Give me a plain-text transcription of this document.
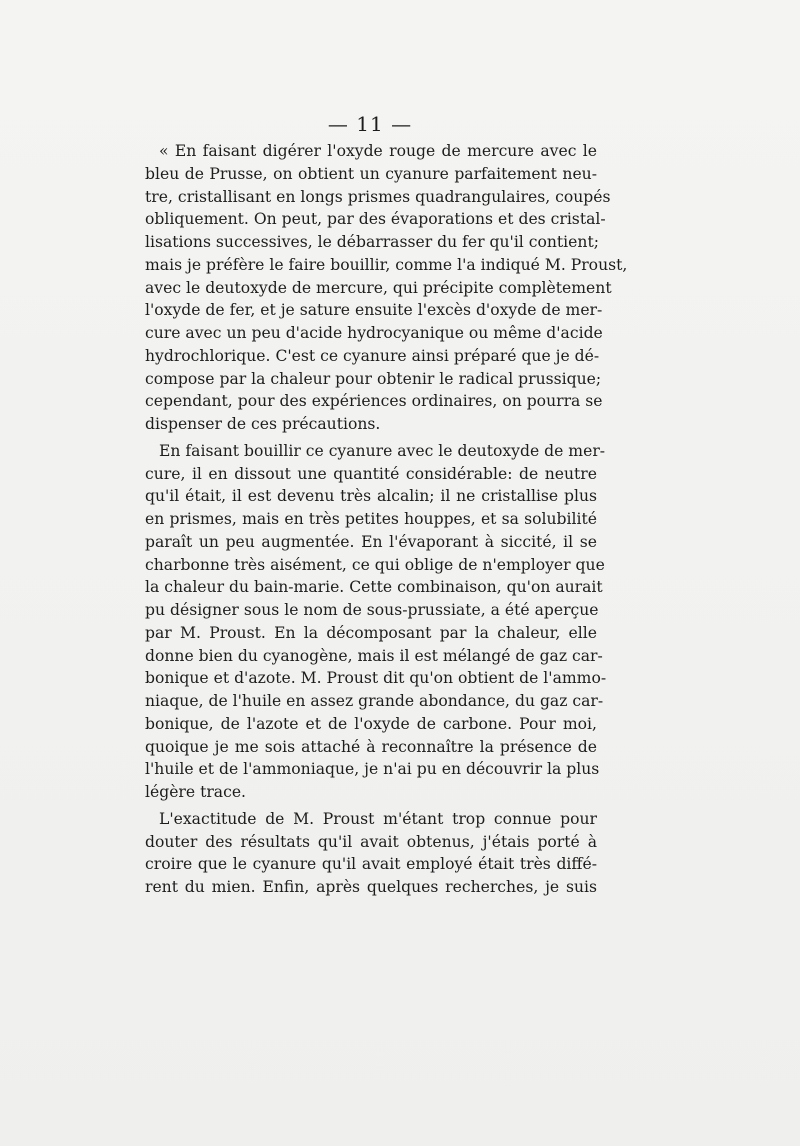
— 11 —
« En faisant digérer l'oxyde rouge de mercure avec le
bleu de Prusse, on obtient un cyanure parfaitement neu-
tre, cristallisant en longs prismes quadrangulaires, coupés
obliquement. On peut, par des évaporations et des cristal-
lisations successives, le débarrasser du fer qu'il contient;
mais je préfère le faire bouillir, comme l'a indiqué M. Proust,
avec le deutoxyde de mercure, qui précipite complètement
l'oxyde de fer, et je sature ensuite l'excès d'oxyde de mer-
cure avec un peu d'acide hydrocyanique ou même d'acide
hydrochlorique. C'est ce cyanure ainsi préparé que je dé-
compose par la chaleur pour obtenir le radical prussique;
cependant, pour des expériences ordinaires, on pourra se
dispenser de ces précautions.
En faisant bouillir ce cyanure avec le deutoxyde de mer-
cure, il en dissout une quantité considérable: de neutre
qu'il était, il est devenu très alcalin; il ne cristallise plus
en prismes, mais en très petites houppes, et sa solubilité
paraît un peu augmentée. En l'évaporant à siccité, il se
charbonne très aisément, ce qui oblige de n'employer que
la chaleur du bain-marie. Cette combinaison, qu'on aurait
pu désigner sous le nom de sous-prussiate, a été aperçue
par M. Proust. En la décomposant par la chaleur, elle
donne bien du cyanogène, mais il est mélangé de gaz car-
bonique et d'azote. M. Proust dit qu'on obtient de l'ammo-
niaque, de l'huile en assez grande abondance, du gaz car-
bonique, de l'azote et de l'oxyde de carbone. Pour moi,
quoique je me sois attaché à reconnaître la présence de
l'huile et de l'ammoniaque, je n'ai pu en découvrir la plus
légère trace.
L'exactitude de M. Proust m'étant trop connue pour
douter des résultats qu'il avait obtenus, j'étais porté à
croire que le cyanure qu'il avait employé était très diffé-
rent du mien. Enfin, après quelques recherches, je suis
